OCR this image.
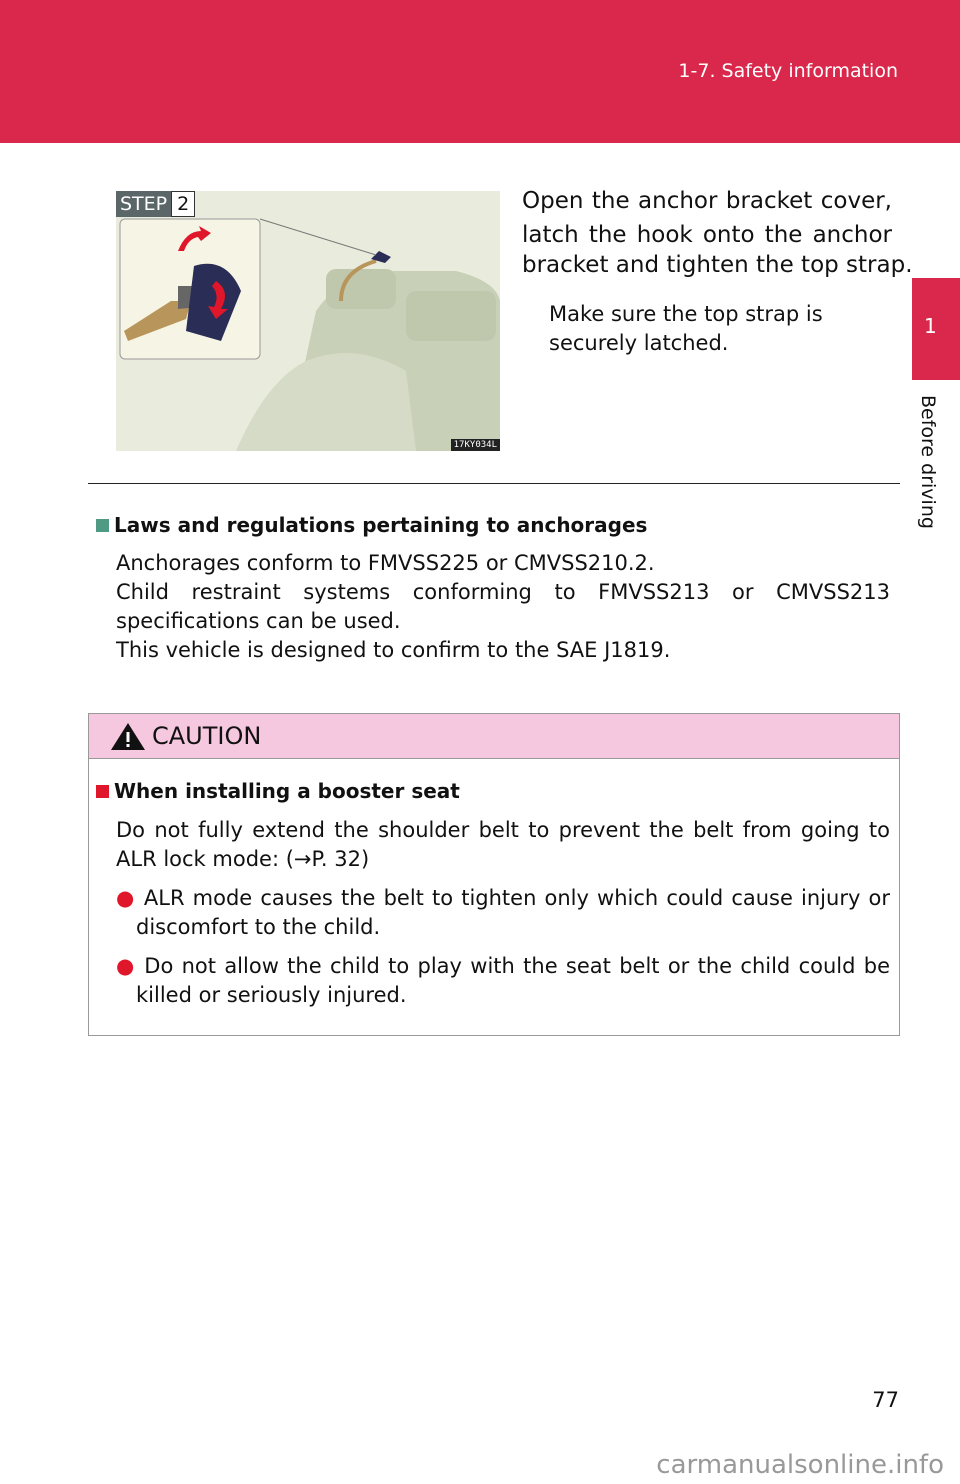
1-7. Safety information
1
Before driving
STEP 2
17KY034L
Open the anchor bracket cover, latch the hook onto the anchor
bracket and tighten the top strap.
Make sure the top strap is securely latched.
Laws and regulations pertaining to anchorages
Anchorages conform to FMVSS225 or CMVSS210.2.
Child restraint systems conforming to FMVSS213 or CMVSS213 specifications can be used.
This vehicle is designed to confirm to the SAE J1819.
CAUTION
When installing a booster seat
Do not fully extend the shoulder belt to prevent the belt from going to ALR lock mode: (→P. 32)
● ALR mode causes the belt to tighten only which could cause injury or discomfort to the child.
● Do not allow the child to play with the seat belt or the child could be killed or seriously injured.
77
carmanualsonline.info
